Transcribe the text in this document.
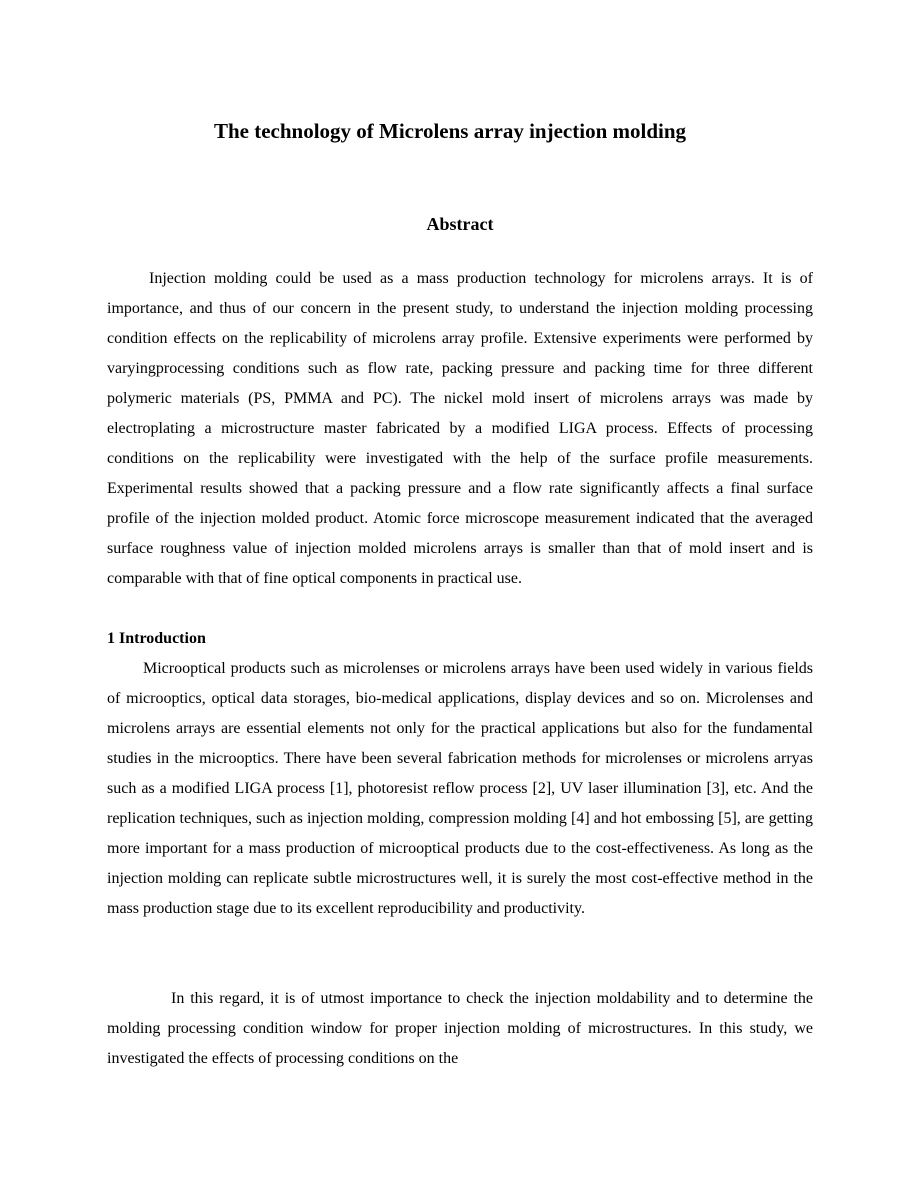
The technology of Microlens array injection molding
Abstract

Injection molding could be used as a mass production technology for microlens arrays. It is of importance, and thus of our concern in the present study, to understand the injection molding processing condition effects on the replicability of microlens array profile. Extensive experiments were performed by varyingprocessing conditions such as flow rate, packing pressure and packing time for three different polymeric materials (PS, PMMA and PC). The nickel mold insert of microlens arrays was made by electroplating a microstructure master fabricated by a modified LIGA process. Effects of processing conditions on the replicability were investigated with the help of the surface profile measurements. Experimental results showed that a packing pressure and a flow rate significantly affects a final surface profile of the injection molded product. Atomic force microscope measurement indicated that the averaged surface roughness value of injection molded microlens arrays is smaller than that of mold insert and is comparable with that of fine optical components in practical use.

1 Introduction

Microoptical products such as microlenses or microlens arrays have been used widely in various fields of microoptics, optical data storages, bio-medical applications, display devices and so on. Microlenses and microlens arrays are essential elements not only for the practical applications but also for the fundamental studies in the microoptics. There have been several fabrication methods for microlenses or microlens arryas such as a modified LIGA process [1], photoresist reflow process [2], UV laser illumination [3], etc. And the replication techniques, such as injection molding, compression molding [4] and hot embossing [5], are getting more important for a mass production of microoptical products due to the cost-effectiveness. As long as the injection molding can replicate subtle microstructures well, it is surely the most cost-effective method in the mass production stage due to its excellent reproducibility and productivity.

In this regard, it is of utmost importance to check the injection moldability and to determine the molding processing condition window for proper injection molding of microstructures. In this study, we investigated the effects of processing conditions on the
